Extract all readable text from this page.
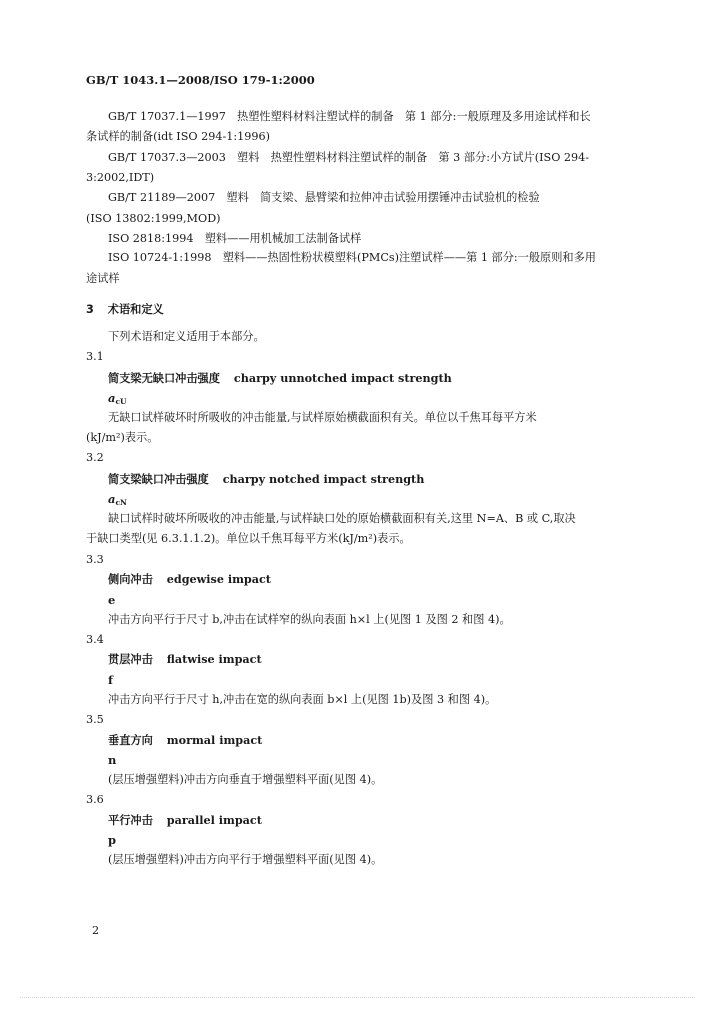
GB/T 1043.1—2008/ISO 179-1:2000
GB/T 17037.1—1997　热塑性塑料材料注塑试样的制备　第 1 部分:一般原理及多用途试样和长
条试样的制备(idt ISO 294-1:1996)
GB/T 17037.3—2003　塑料　热塑性塑料材料注塑试样的制备　第 3 部分:小方试片(ISO 294-
3:2002,IDT)
GB/T 21189—2007　塑料　简支梁、悬臂梁和拉伸冲击试验用摆锤冲击试验机的检验
(ISO 13802:1999,MOD)
ISO 2818:1994　塑料——用机械加工法制备试样
ISO 10724-1:1998　塑料——热固性粉状模塑料(PMCs)注塑试样——第 1 部分:一般原则和多用
途试样
3 术语和定义
下列术语和定义适用于本部分。
3.1
简支梁无缺口冲击强度 charpy unnotched impact strength
$a_{cU}$
无缺口试样破坏时所吸收的冲击能量,与试样原始横截面积有关。单位以千焦耳每平方米
(kJ/m²)表示。
3.2
简支梁缺口冲击强度 charpy notched impact strength
$a_{cN}$
缺口试样时破坏所吸收的冲击能量,与试样缺口处的原始横截面积有关,这里 N=A、B 或 C,取决
于缺口类型(见 6.3.1.1.2)。单位以千焦耳每平方米(kJ/m²)表示。
3.3
侧向冲击 edgewise impact
e
冲击方向平行于尺寸 b,冲击在试样窄的纵向表面 h×l 上(见图 1 及图 2 和图 4)。
3.4
贯层冲击 flatwise impact
f
冲击方向平行于尺寸 h,冲击在宽的纵向表面 b×l 上(见图 1b)及图 3 和图 4)。
3.5
垂直方向 mormal impact
n
(层压增强塑料)冲击方向垂直于增强塑料平面(见图 4)。
3.6
平行冲击 parallel impact
p
(层压增强塑料)冲击方向平行于增强塑料平面(见图 4)。
2
